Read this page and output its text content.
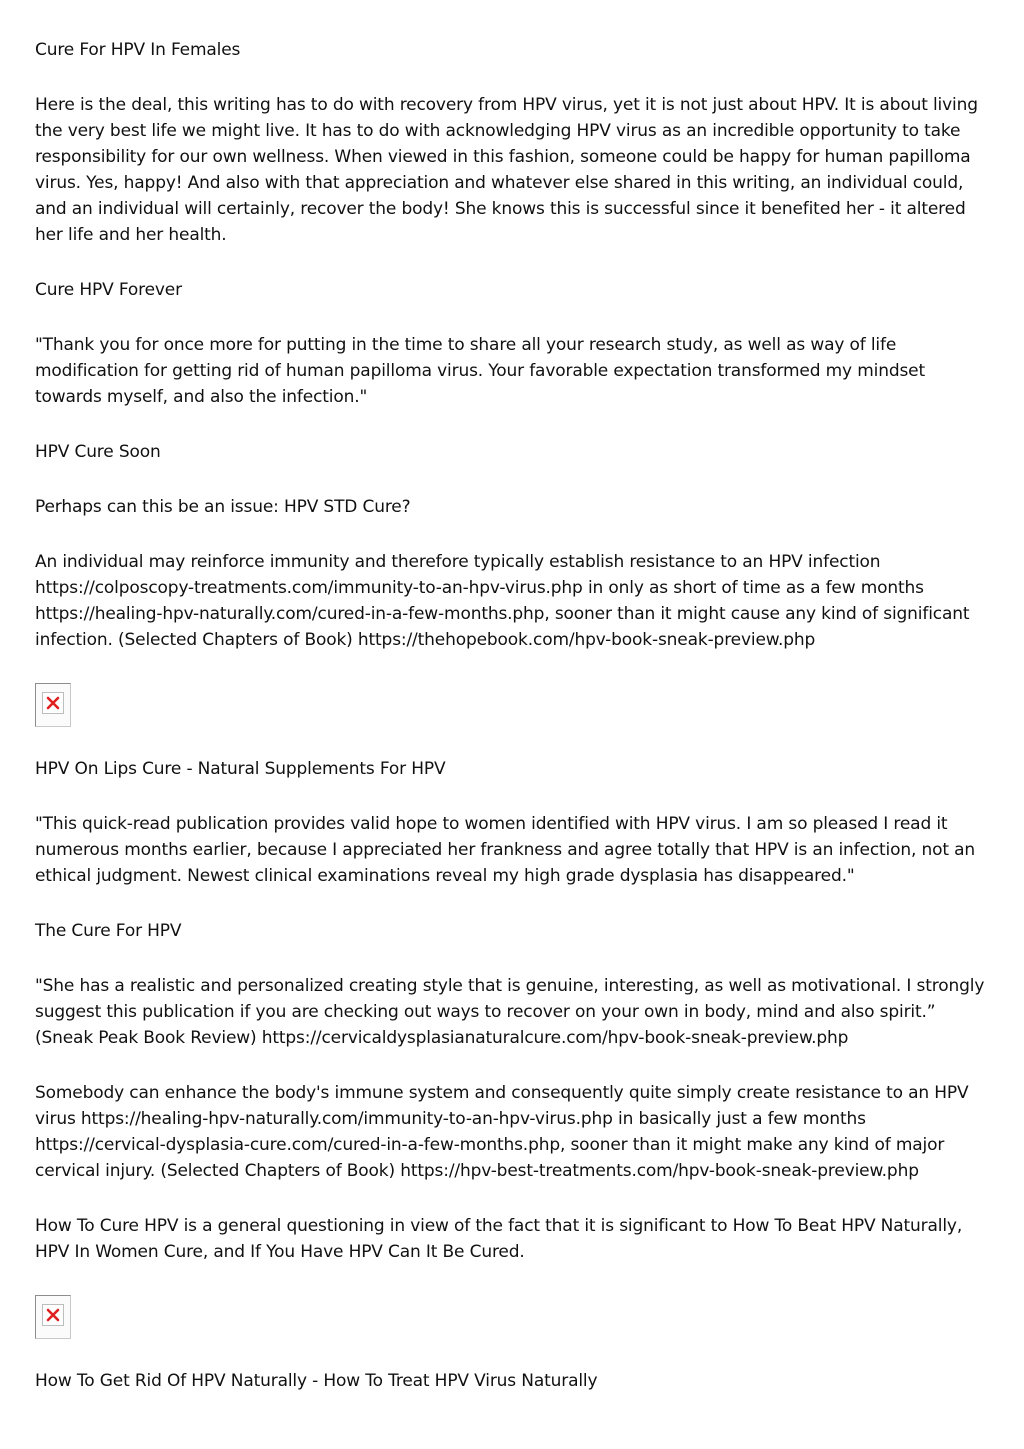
Cure For HPV In Females

Here is the deal, this writing has to do with recovery from HPV virus, yet it is not just about HPV. It is about living the very best life we might live. It has to do with acknowledging HPV virus as an incredible opportunity to take responsibility for our own wellness. When viewed in this fashion, someone could be happy for human papilloma virus. Yes, happy! And also with that appreciation and whatever else shared in this writing, an individual could, and an individual will certainly, recover the body! She knows this is successful since it benefited her - it altered her life and her health.

Cure HPV Forever

"Thank you for once more for putting in the time to share all your research study, as well as way of life modification for getting rid of human papilloma virus. Your favorable expectation transformed my mindset towards myself, and also the infection."

HPV Cure Soon

Perhaps can this be an issue: HPV STD Cure?

An individual may reinforce immunity and therefore typically establish resistance to an HPV infection https://colposcopy-treatments.com/immunity-to-an-hpv-virus.php in only as short of time as a few months https://healing-hpv-naturally.com/cured-in-a-few-months.php, sooner than it might cause any kind of significant infection. (Selected Chapters of Book) https://thehopebook.com/hpv-book-sneak-preview.php

HPV On Lips Cure - Natural Supplements For HPV

"This quick-read publication provides valid hope to women identified with HPV virus. I am so pleased I read it numerous months earlier, because I appreciated her frankness and agree totally that HPV is an infection, not an ethical judgment. Newest clinical examinations reveal my high grade dysplasia has disappeared."

The Cure For HPV

"She has a realistic and personalized creating style that is genuine, interesting, as well as motivational. I strongly suggest this publication if you are checking out ways to recover on your own in body, mind and also spirit.” (Sneak Peak Book Review) https://cervicaldysplasianaturalcure.com/hpv-book-sneak-preview.php

Somebody can enhance the body's immune system and consequently quite simply create resistance to an HPV virus https://healing-hpv-naturally.com/immunity-to-an-hpv-virus.php in basically just a few months https://cervical-dysplasia-cure.com/cured-in-a-few-months.php, sooner than it might make any kind of major cervical injury. (Selected Chapters of Book) https://hpv-best-treatments.com/hpv-book-sneak-preview.php

How To Cure HPV is a general questioning in view of the fact that it is significant to How To Beat HPV Naturally, HPV In Women Cure, and If You Have HPV Can It Be Cured.

How To Get Rid Of HPV Naturally - How To Treat HPV Virus Naturally
